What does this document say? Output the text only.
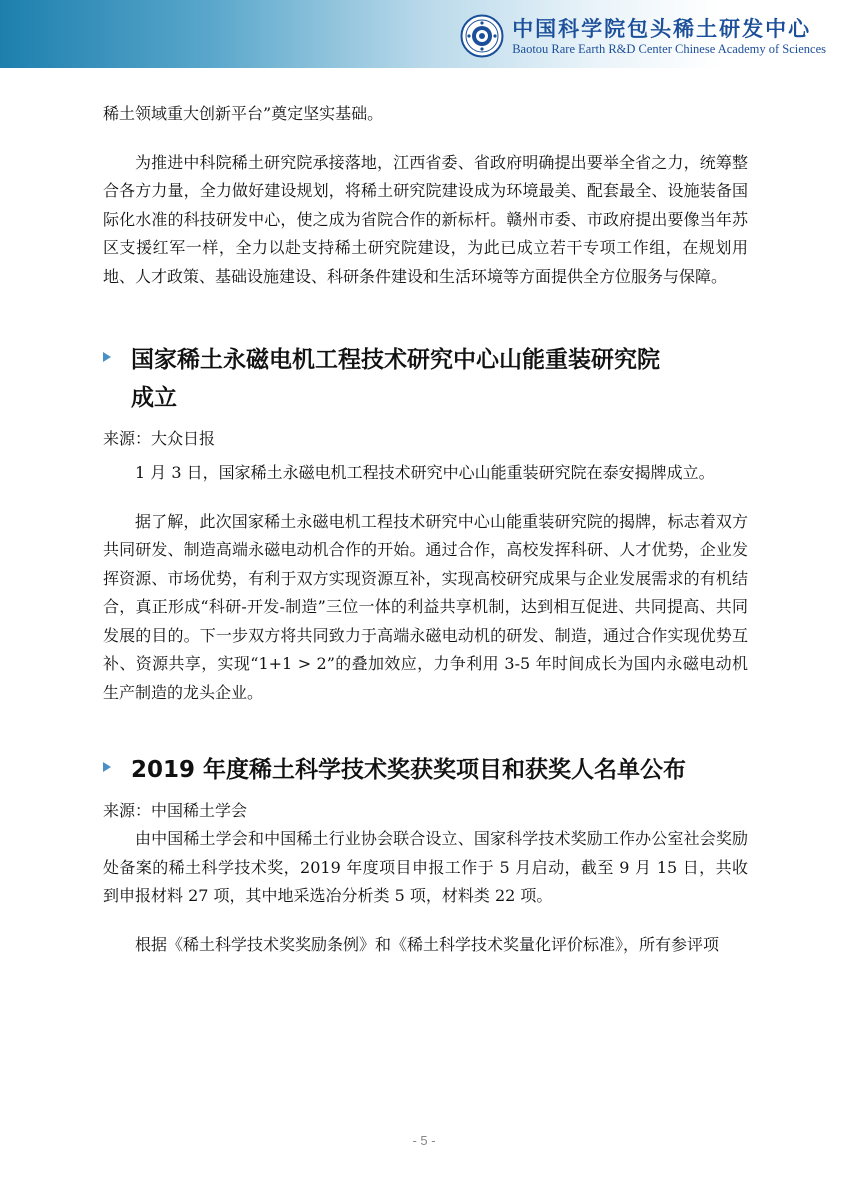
中国科学院包头稀土研发中心
Baotou Rare Earth R&D Center Chinese Academy of Sciences

稀土领域重大创新平台”奠定坚实基础。

为推进中科院稀土研究院承接落地，江西省委、省政府明确提出要举全省之力，统筹整合各方力量，全力做好建设规划，将稀土研究院建设成为环境最美、配套最全、设施装备国际化水准的科技研发中心，使之成为省院合作的新标杆。赣州市委、市政府提出要像当年苏区支援红军一样，全力以赴支持稀土研究院建设，为此已成立若干专项工作组，在规划用地、人才政策、基础设施建设、科研条件建设和生活环境等方面提供全方位服务与保障。

国家稀土永磁电机工程技术研究中心山能重装研究院
成立
来源：大众日报

1 月 3 日，国家稀土永磁电机工程技术研究中心山能重装研究院在泰安揭牌成立。

据了解，此次国家稀土永磁电机工程技术研究中心山能重装研究院的揭牌，标志着双方共同研发、制造高端永磁电动机合作的开始。通过合作，高校发挥科研、人才优势，企业发挥资源、市场优势，有利于双方实现资源互补，实现高校研究成果与企业发展需求的有机结合，真正形成“科研-开发-制造”三位一体的利益共享机制，达到相互促进、共同提高、共同发展的目的。下一步双方将共同致力于高端永磁电动机的研发、制造，通过合作实现优势互补、资源共享，实现“1+1 > 2”的叠加效应，力争利用 3-5 年时间成长为国内永磁电动机生产制造的龙头企业。

2019 年度稀土科学技术奖获奖项目和获奖人名单公布
来源：中国稀土学会

由中国稀土学会和中国稀土行业协会联合设立、国家科学技术奖励工作办公室社会奖励处备案的稀土科学技术奖，2019 年度项目申报工作于 5 月启动，截至 9 月 15 日，共收到申报材料 27 项，其中地采选冶分析类 5 项，材料类 22 项。

根据《稀土科学技术奖奖励条例》和《稀土科学技术奖量化评价标准》，所有参评项

- 5 -
